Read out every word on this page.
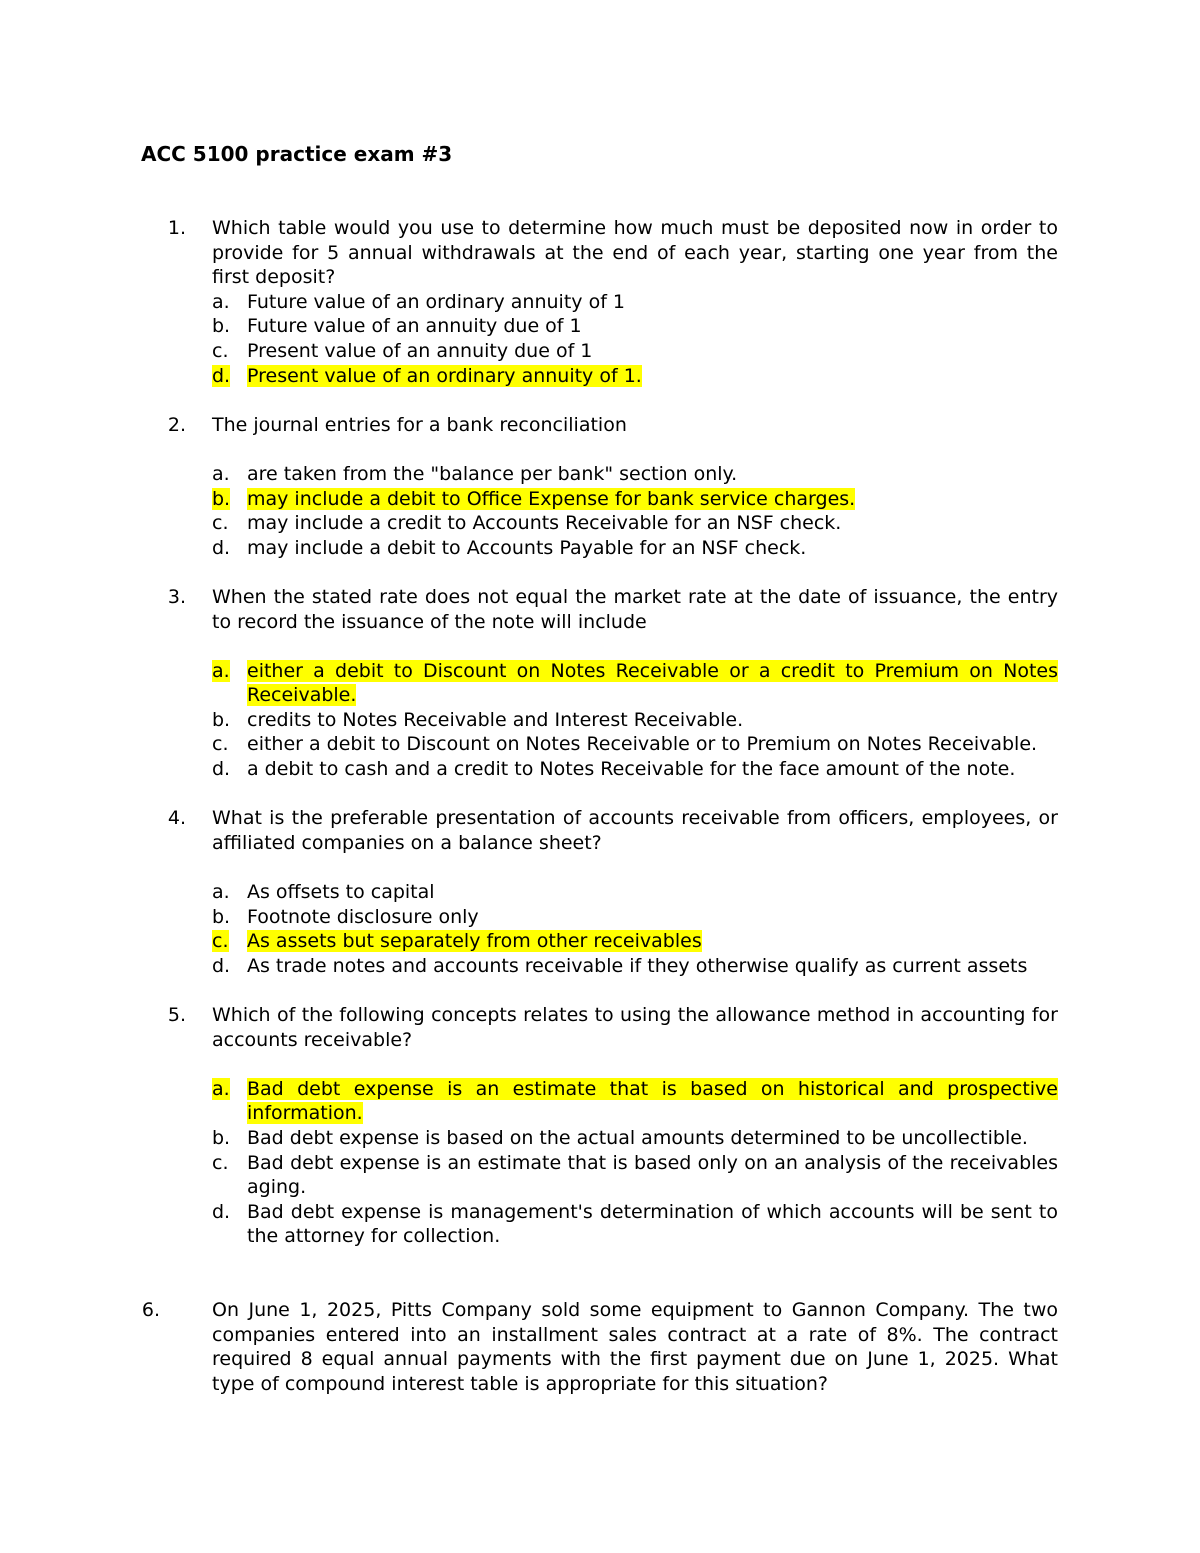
ACC 5100 practice exam #3
1. Which table would you use to determine how much must be deposited now in order to provide for 5 annual withdrawals at the end of each year, starting one year from the first deposit?
a. Future value of an ordinary annuity of 1
b. Future value of an annuity due of 1
c. Present value of an annuity due of 1
d. Present value of an ordinary annuity of 1.
2. The journal entries for a bank reconciliation
a. are taken from the "balance per bank" section only.
b. may include a debit to Office Expense for bank service charges.
c. may include a credit to Accounts Receivable for an NSF check.
d. may include a debit to Accounts Payable for an NSF check.
3. When the stated rate does not equal the market rate at the date of issuance, the entry to record the issuance of the note will include
a. either a debit to Discount on Notes Receivable or a credit to Premium on Notes Receivable.
b. credits to Notes Receivable and Interest Receivable.
c. either a debit to Discount on Notes Receivable or to Premium on Notes Receivable.
d. a debit to cash and a credit to Notes Receivable for the face amount of the note.
4. What is the preferable presentation of accounts receivable from officers, employees, or affiliated companies on a balance sheet?
a. As offsets to capital
b. Footnote disclosure only
c. As assets but separately from other receivables
d. As trade notes and accounts receivable if they otherwise qualify as current assets
5. Which of the following concepts relates to using the allowance method in accounting for accounts receivable?
a. Bad debt expense is an estimate that is based on historical and prospective information.
b. Bad debt expense is based on the actual amounts determined to be uncollectible.
c. Bad debt expense is an estimate that is based only on an analysis of the receivables aging.
d. Bad debt expense is management's determination of which accounts will be sent to the attorney for collection.
6.	On June 1, 2025, Pitts Company sold some equipment to Gannon Company. The two companies entered into an installment sales contract at a rate of 8%. The contract required 8 equal annual payments with the first payment due on June 1, 2025. What type of compound interest table is appropriate for this situation?
